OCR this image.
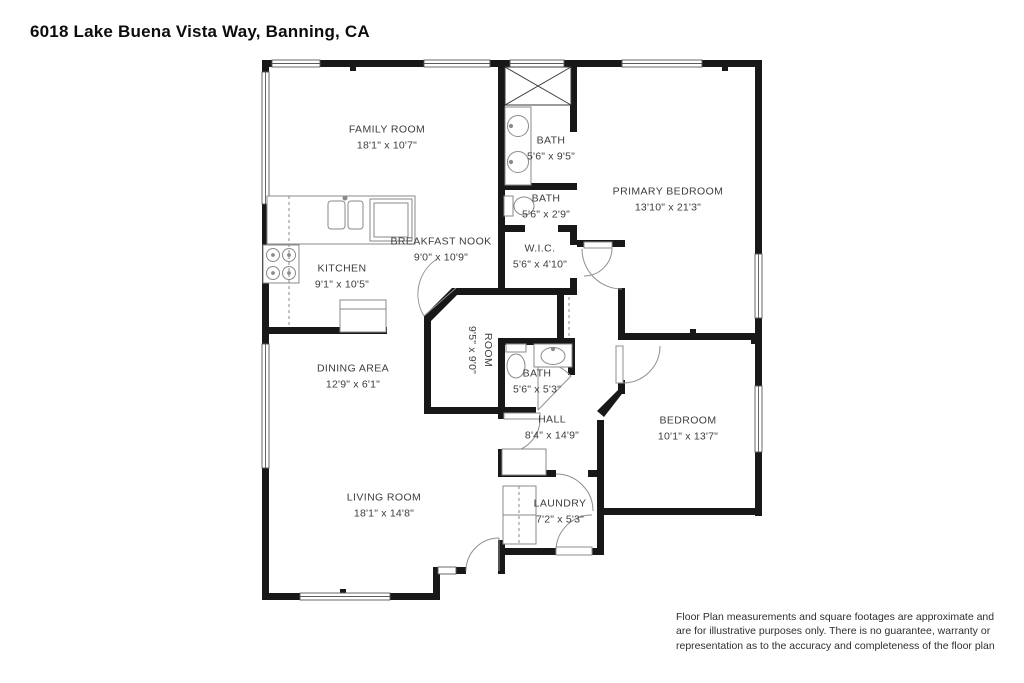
6018 Lake Buena Vista Way, Banning, CA
FAMILY ROOM
18'1" x 10'7"	BATH
5'6" x 9'5"
PRIMARY BEDROOM
13'10" x 21'3"
BATH
5'6" x 2'9"
BREAKFAST NOOK
9'0" x 10'9"
W.I.C.
5'6" x 4'10"
KITCHEN
9'1" x 10'5"
DINING AREA
12'9" x 6'1"
ROOM
9'5" x 9'0"	BATH
5'6" x 5'3"
HALL
8'4" x 14'9"
BEDROOM
10'1" x 13'7"
LIVING ROOM
18'1" x 14'8"
LAUNDRY
7'2" x 5'3"
Floor Plan measurements and square footages are approximate and are for illustrative purposes only. There is no guarantee, warranty or representation as to the accuracy and completeness of the floor plan
